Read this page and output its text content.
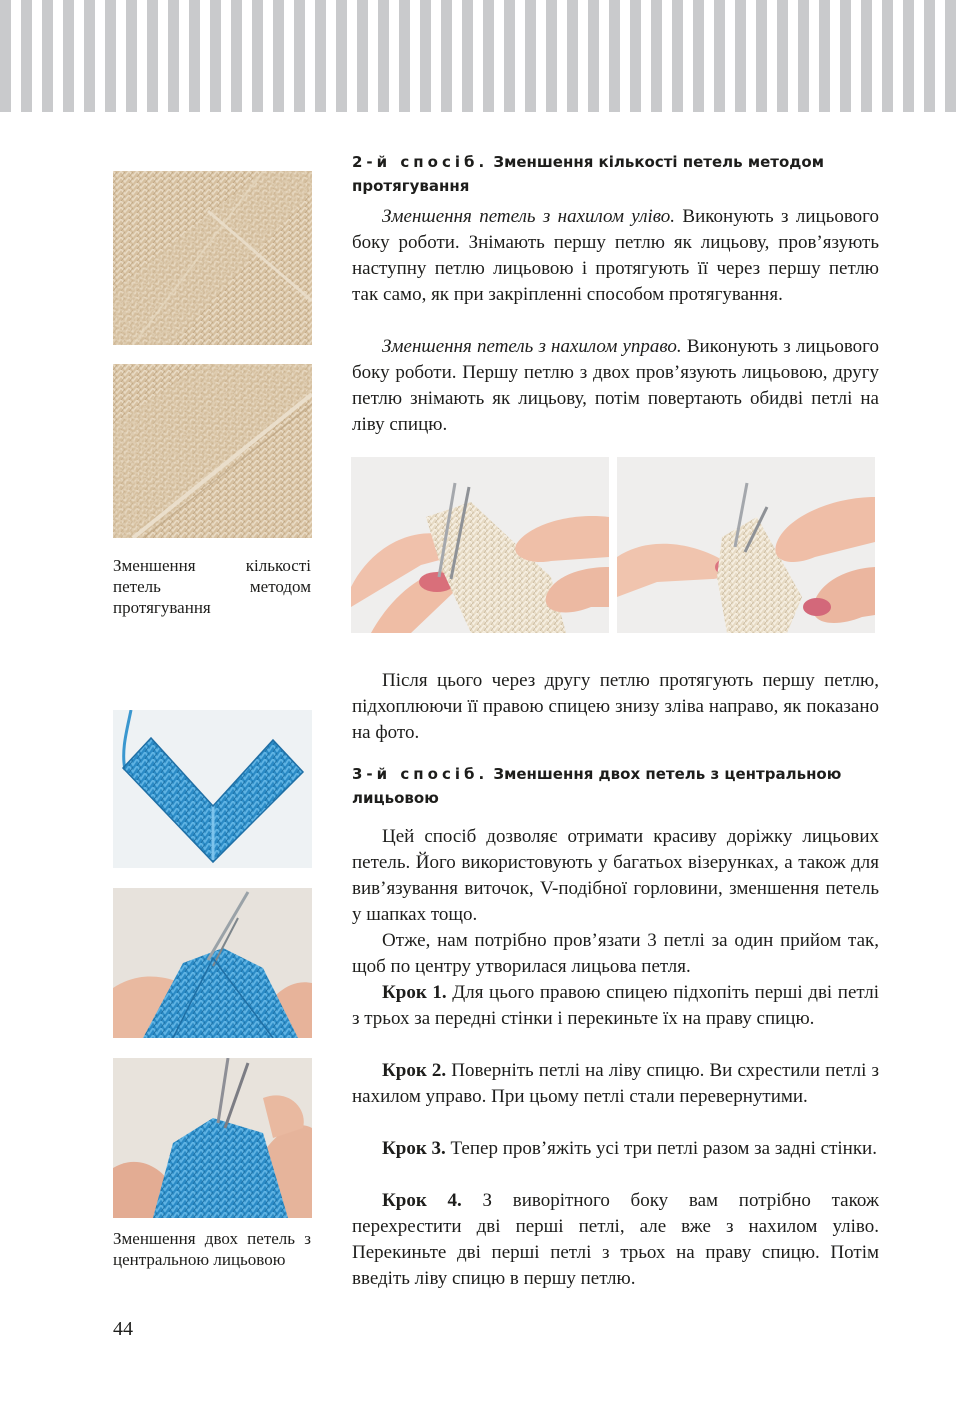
Зменшення кількості петель методом протягування

Зменшення двох петель з центральною лицьовою

2-й спосіб. Зменшення кількості петель методом протягування

Зменшення петель з нахилом уліво. Виконують з лицьового боку роботи. Знімають першу петлю як лицьову, пров’язують наступну петлю лицьовою і протягують її через першу петлю так само, як при закріпленні способом протягування.

Зменшення петель з нахилом управо. Виконують з лицьового боку роботи. Першу петлю з двох пров’язують лицьовою, другу петлю знімають як лицьову, потім повертають обидві петлі на ліву спицю.

Після цього через другу петлю протягують першу петлю, підхоплюючи її правою спицею знизу зліва направо, як показано на фото.

3-й спосіб. Зменшення двох петель з центральною лицьовою

Цей спосіб дозволяє отримати красиву доріжку лицьових петель. Його використовують у багатьох візерунках, а також для вив’язування виточок, V-подібної горловини, зменшення петель у шапках тощо.

Отже, нам потрібно пров’язати 3 петлі за один прийом так, щоб по центру утворилася лицьова петля.

Крок 1. Для цього правою спицею підхопіть перші дві петлі з трьох за передні стінки і перекиньте їх на праву спицю.

Крок 2. Поверніть петлі на ліву спицю. Ви схрестили петлі з нахилом управо. При цьому петлі стали перевернутими.

Крок 3. Тепер пров’яжіть усі три петлі разом за задні стінки.

Крок 4. З виворітного боку вам потрібно також перехрестити дві перші петлі, але вже з нахилом уліво. Перекиньте дві перші петлі з трьох на праву спицю. Потім введіть ліву спицю в першу петлю.

44
